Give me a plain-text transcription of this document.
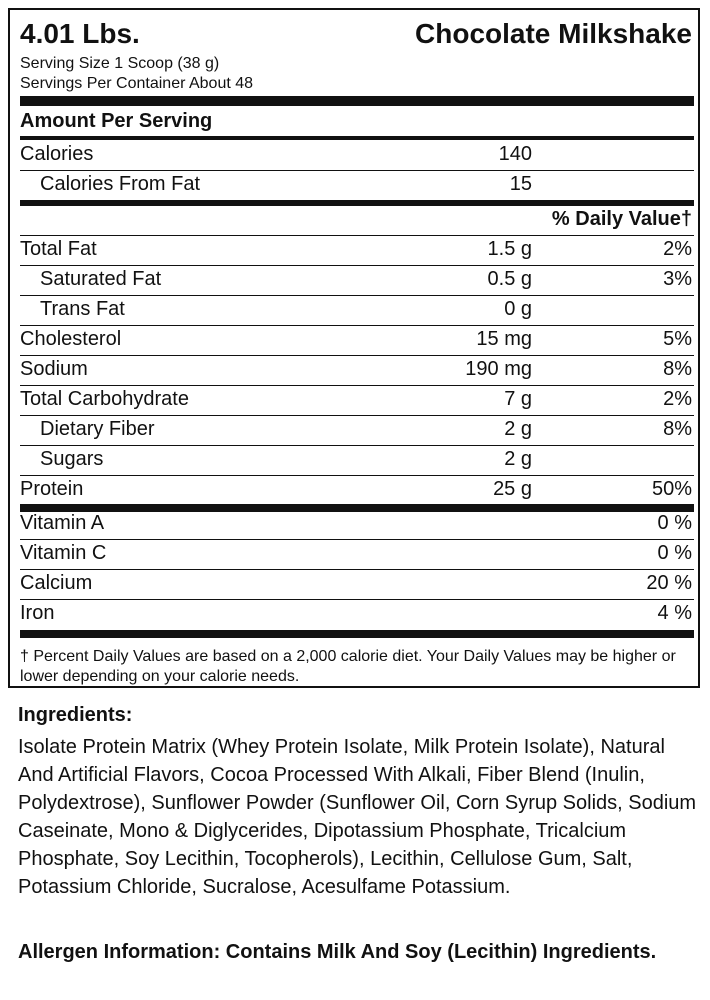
4.01 Lbs.	Chocolate Milkshake
Serving Size 1 Scoop (38 g)
Servings Per Container About 48
Amount Per Serving
Calories	140
Calories From Fat	15
% Daily Value†
Total Fat	1.5 g	2%
Saturated Fat	0.5 g	3%
Trans Fat	0 g
Cholesterol	15 mg	5%
Sodium	190 mg	8%
Total Carbohydrate	7 g	2%
Dietary Fiber	2 g	8%
Sugars	2 g
Protein	25 g	50%
Vitamin A	0 %
Vitamin C	0 %
Calcium	20 %
Iron	4 %
† Percent Daily Values are based on a 2,000 calorie diet. Your Daily Values may be higher or lower depending on your calorie needs.
Ingredients:
Isolate Protein Matrix (Whey Protein Isolate, Milk Protein Isolate), Natural And Artificial Flavors, Cocoa Processed With Alkali, Fiber Blend (Inulin, Polydextrose), Sunflower Powder (Sunflower Oil, Corn Syrup Solids, Sodium Caseinate, Mono & Diglycerides, Dipotassium Phosphate, Tricalcium Phosphate, Soy Lecithin, Tocopherols), Lecithin, Cellulose Gum, Salt, Potassium Chloride, Sucralose, Acesulfame Potassium.
Allergen Information: Contains Milk And Soy (Lecithin) Ingredients.
